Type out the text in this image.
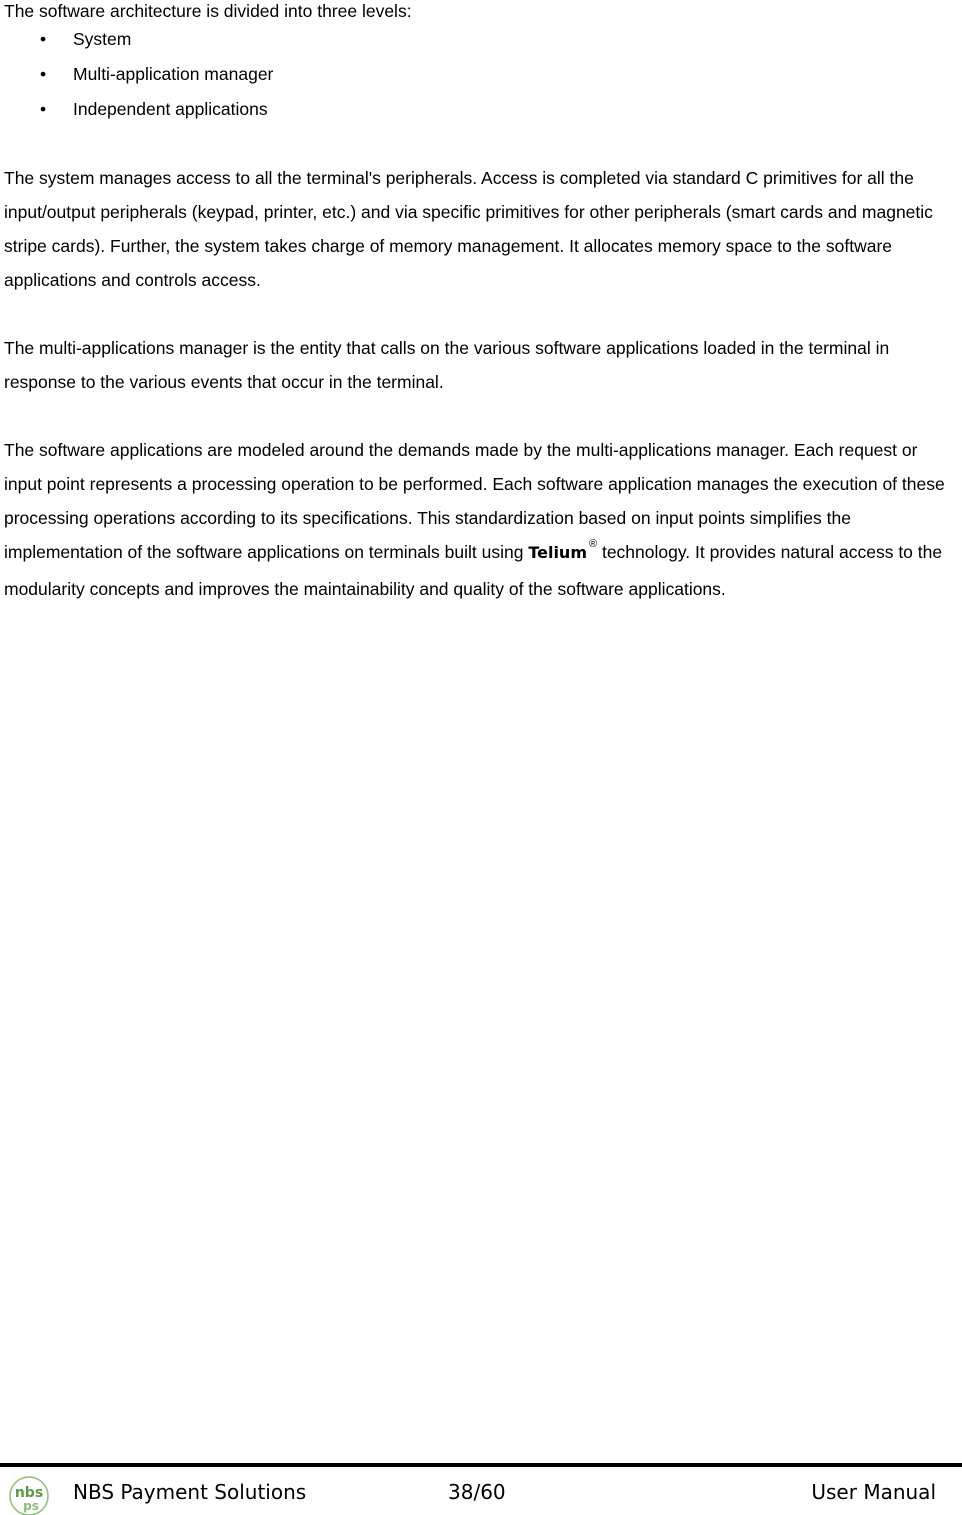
The software architecture is divided into three levels:

• System
• Multi-application manager
• Independent applications

The system manages access to all the terminal's peripherals. Access is completed via standard C primitives for all the input/output peripherals (keypad, printer, etc.) and via specific primitives for other peripherals (smart cards and magnetic stripe cards). Further, the system takes charge of memory management. It allocates memory space to the software applications and controls access.

The multi-applications manager is the entity that calls on the various software applications loaded in the terminal in response to the various events that occur in the terminal.

The software applications are modeled around the demands made by the multi-applications manager. Each request or input point represents a processing operation to be performed. Each software application manages the execution of these processing operations according to its specifications. This standardization based on input points simplifies the implementation of the software applications on terminals built using Telium ® technology. It provides natural access to the modularity concepts and improves the maintainability and quality of the software applications.

nbs
ps
NBS Payment Solutions	38/60	User Manual
